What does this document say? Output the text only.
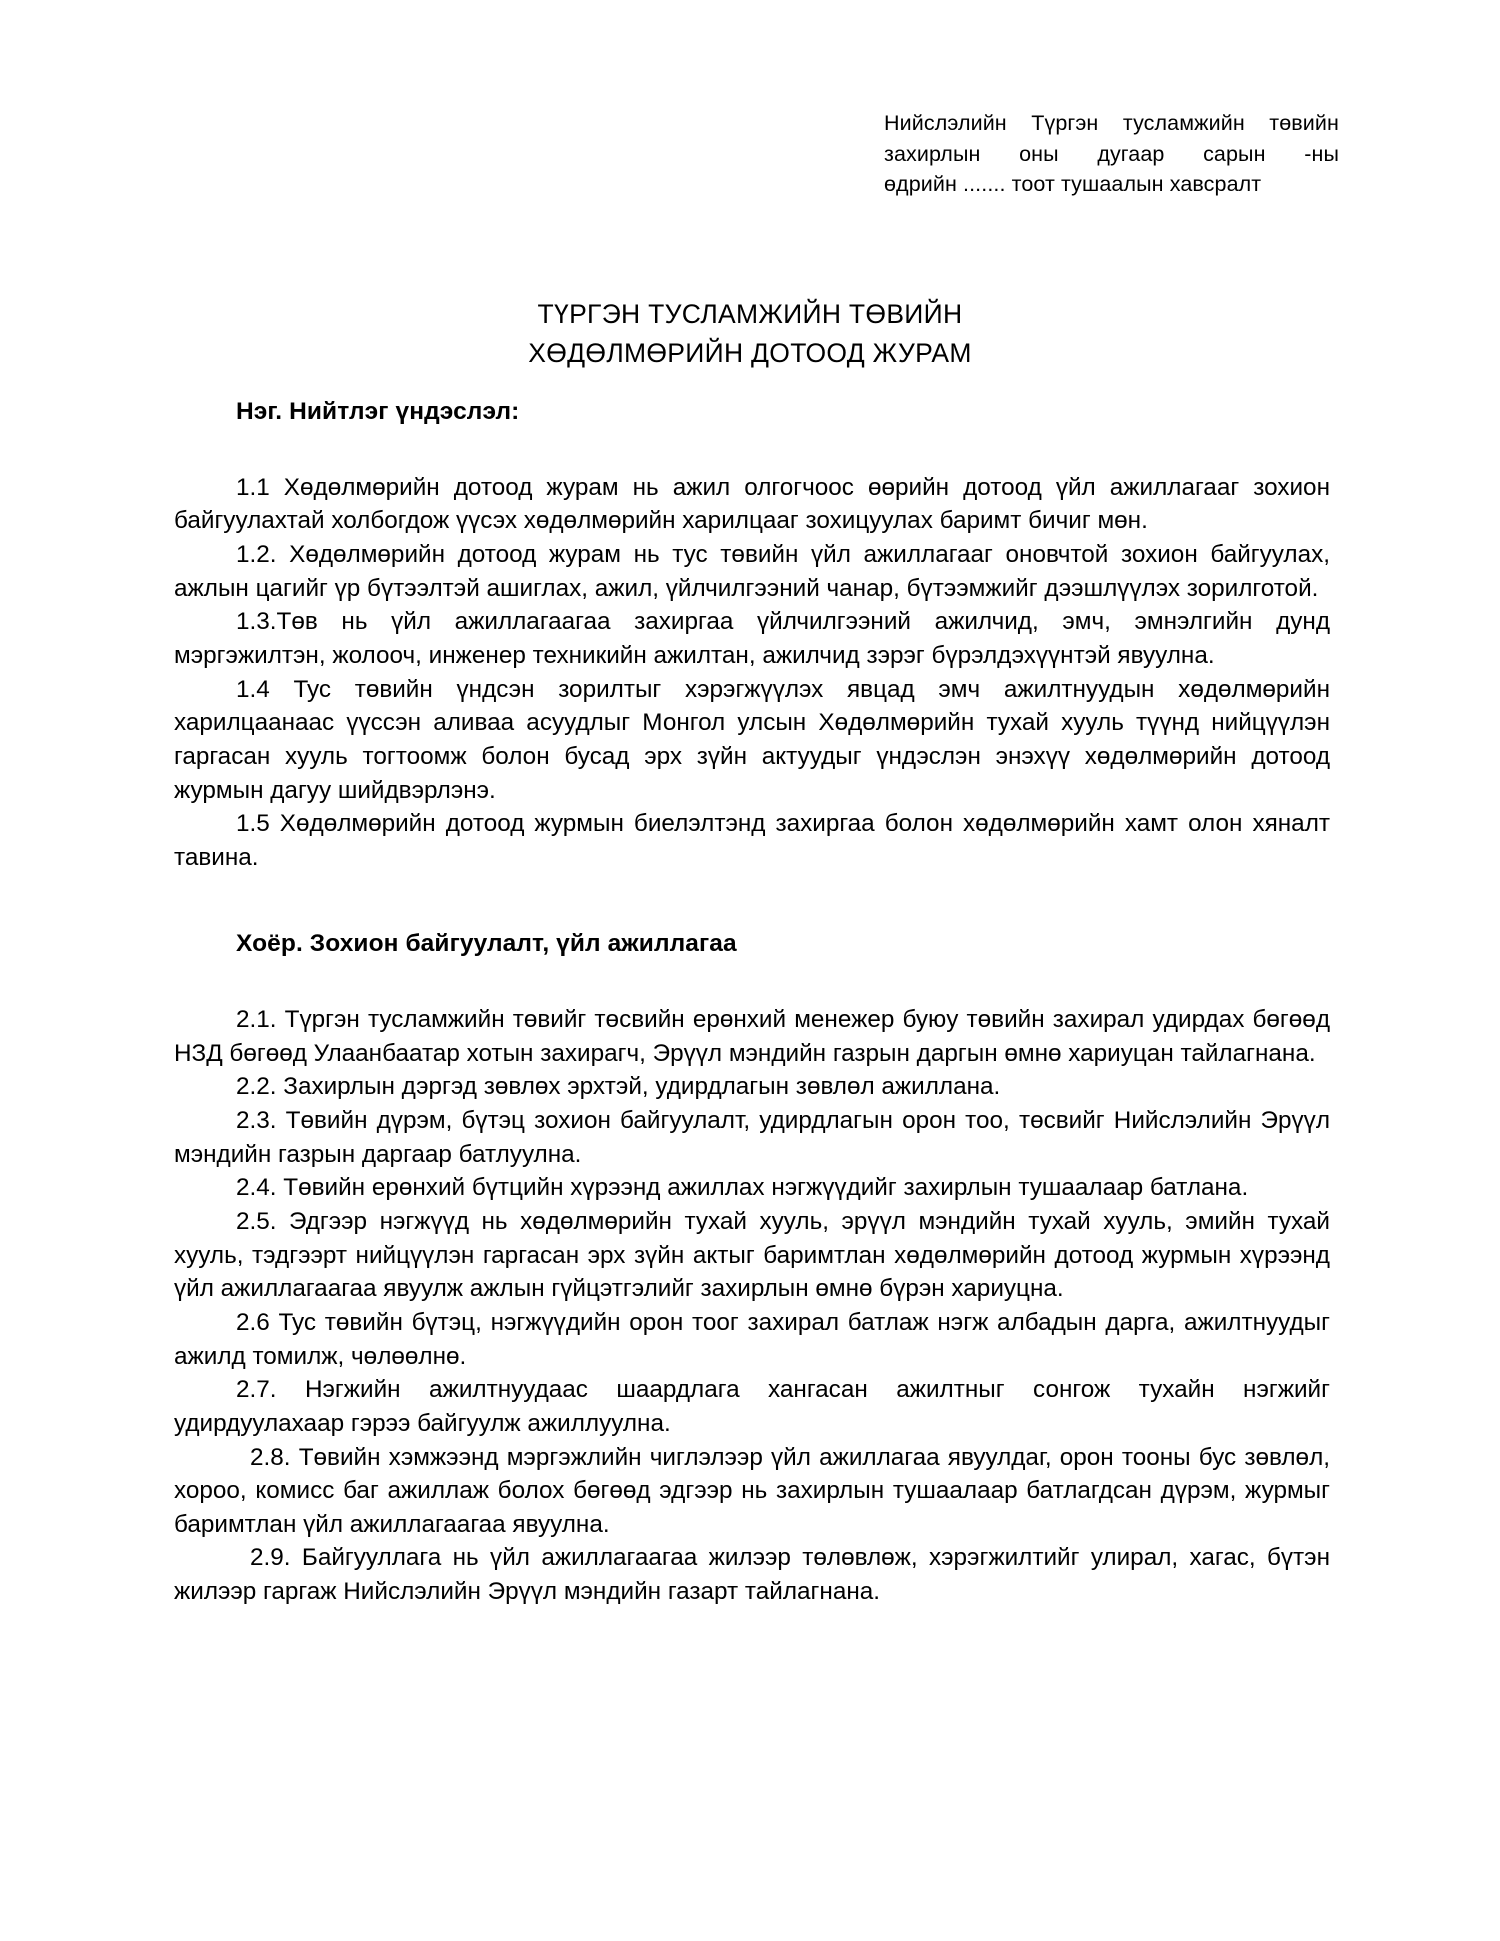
Нийслэлийн Түргэн тусламжийн төвийн
захирлын оны дугаар сарын -ны
өдрийн ....... тоот тушаалын хавсралт
ТҮРГЭН ТУСЛАМЖИЙН ТӨВИЙН
ХӨДӨЛМӨРИЙН ДОТООД ЖУРАМ
Нэг. Нийтлэг үндэслэл:

1.1 Хөдөлмөрийн дотоод журам нь ажил олгогчоос өөрийн дотоод үйл ажиллагааг зохион байгуулахтай холбогдож үүсэх хөдөлмөрийн харилцааг зохицуулах баримт бичиг мөн.

1.2. Хөдөлмөрийн дотоод журам нь тус төвийн үйл ажиллагааг оновчтой зохион байгуулах, ажлын цагийг үр бүтээлтэй ашиглах, ажил, үйлчилгээний чанар, бүтээмжийг дээшлүүлэх зорилготой.

1.3.Төв нь үйл ажиллагаагаа захиргаа үйлчилгээний ажилчид, эмч, эмнэлгийн дунд мэргэжилтэн, жолооч, инженер техникийн ажилтан, ажилчид зэрэг бүрэлдэхүүнтэй явуулна.

1.4 Тус төвийн үндсэн зорилтыг хэрэгжүүлэх явцад эмч ажилтнуудын хөдөлмөрийн харилцаанаас үүссэн аливаа асуудлыг Монгол улсын Хөдөлмөрийн тухай хууль түүнд нийцүүлэн гаргасан хууль тогтоомж болон бусад эрх зүйн актуудыг үндэслэн энэхүү хөдөлмөрийн дотоод журмын дагуу шийдвэрлэнэ.

1.5 Хөдөлмөрийн дотоод журмын биелэлтэнд захиргаа болон хөдөлмөрийн хамт олон хяналт тавина.

Хоёр. Зохион байгуулалт, үйл ажиллагаа

2.1. Түргэн тусламжийн төвийг төсвийн ерөнхий менежер буюу төвийн захирал удирдах бөгөөд НЗД бөгөөд Улаанбаатар хотын захирагч, Эрүүл мэндийн газрын даргын өмнө хариуцан тайлагнана.

2.2. Захирлын дэргэд зөвлөх эрхтэй, удирдлагын зөвлөл ажиллана.

2.3. Төвийн дүрэм, бүтэц зохион байгуулалт, удирдлагын орон тоо, төсвийг Нийслэлийн Эрүүл мэндийн газрын даргаар батлуулна.

2.4. Төвийн ерөнхий бүтцийн хүрээнд ажиллах нэгжүүдийг захирлын тушаалаар батлана.

2.5. Эдгээр нэгжүүд нь хөдөлмөрийн тухай хууль, эрүүл мэндийн тухай хууль, эмийн тухай хууль, тэдгээрт нийцүүлэн гаргасан эрх зүйн актыг баримтлан хөдөлмөрийн дотоод журмын хүрээнд үйл ажиллагаагаа явуулж ажлын гүйцэтгэлийг захирлын өмнө бүрэн хариуцна.

2.6 Тус төвийн бүтэц, нэгжүүдийн орон тоог захирал батлаж нэгж албадын дарга, ажилтнуудыг ажилд томилж, чөлөөлнө.

2.7. Нэгжийн ажилтнуудаас шаардлага хангасан ажилтныг сонгож тухайн нэгжийг удирдуулахаар гэрээ байгуулж ажиллуулна.

2.8. Төвийн хэмжээнд мэргэжлийн чиглэлээр үйл ажиллагаа явуулдаг, орон тооны бус зөвлөл, хороо, комисс баг ажиллаж болох бөгөөд эдгээр нь захирлын тушаалаар батлагдсан дүрэм, журмыг баримтлан үйл ажиллагаагаа явуулна.

2.9. Байгууллага нь үйл ажиллагаагаа жилээр төлөвлөж, хэрэгжилтийг улирал, хагас, бүтэн жилээр гаргаж Нийслэлийн Эрүүл мэндийн газарт тайлагнана.
